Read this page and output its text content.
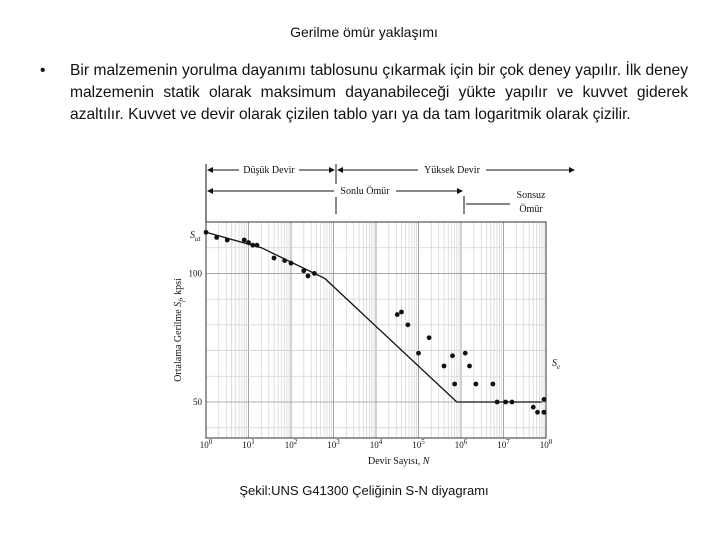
Gerilme ömür yaklaşımı
• Bir malzemenin yorulma dayanımı tablosunu çıkarmak için bir çok deney yapılır. İlk deney malzemenin statik olarak maksimum dayanabileceği yükte yapılır ve kuvvet giderek azaltılır. Kuvvet ve devir olarak çizilen tablo yarı ya da tam logaritmik olarak çizilir.
Düşük Devir	Yüksek Devir
Sonlu Ömür	Sonsuz
Ömür
$10^0$	$10^1$	$10^2$	$10^3$	$10^4$	$10^5$	$10^6$	$10^7$	$10^8$
100
50
$S_{ut}$
$S_e$
Ortalama Gerilme $S_f$, kpsi
Devir Sayısı, N
Şekil:UNS G41300 Çeliğinin S-N diyagramı
